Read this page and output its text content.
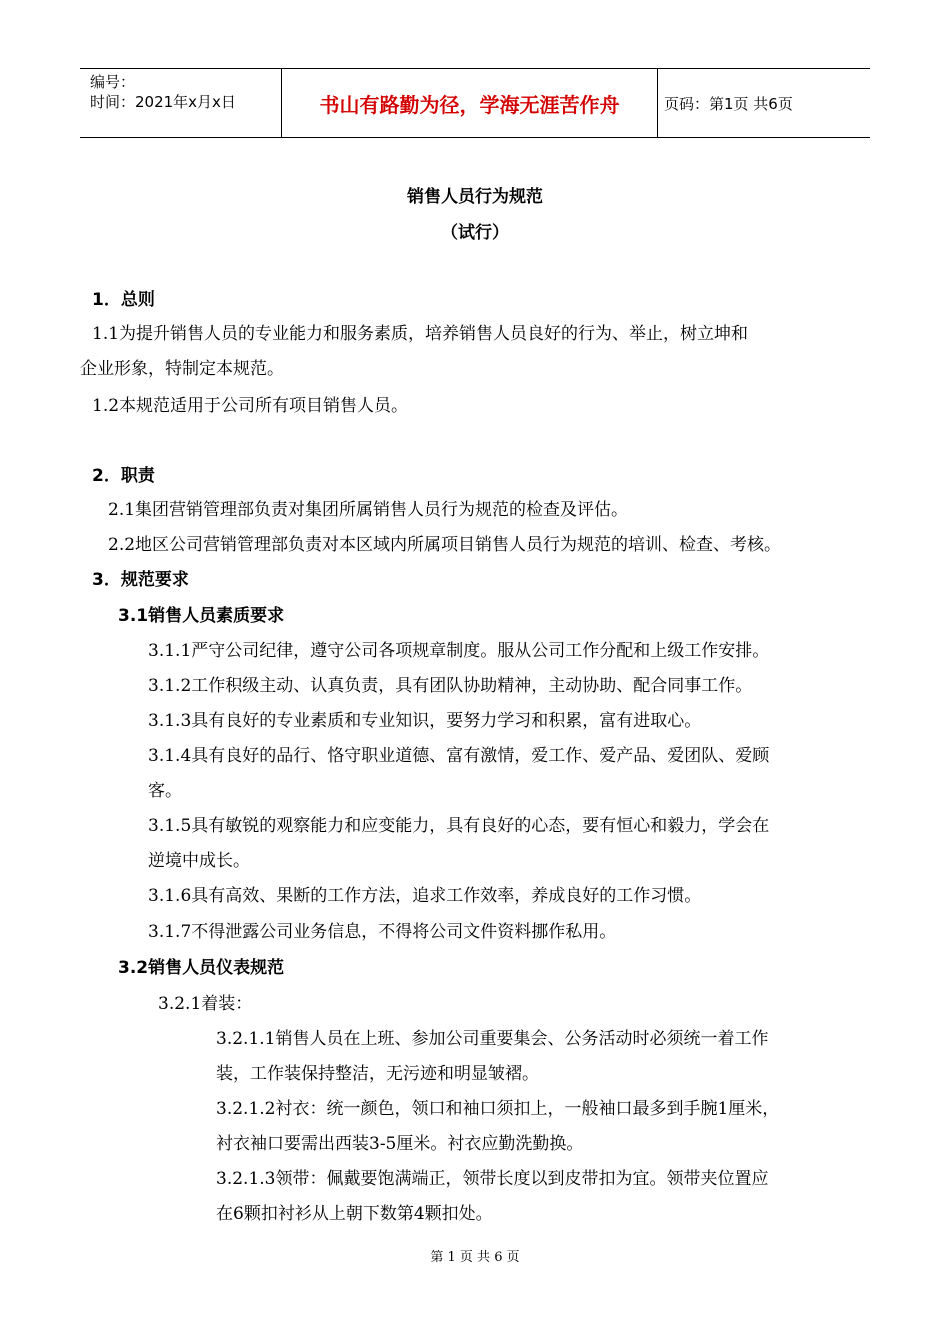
编号：
时间：2021年x月x日	书山有路勤为径，学海无涯苦作舟	页码：第1页 共6页
销售人员行为规范
（试行）
1．总则
1.1为提升销售人员的专业能力和服务素质，培养销售人员良好的行为、举止，树立坤和
企业形象，特制定本规范。
1.2本规范适用于公司所有项目销售人员。
2．职责
2.1集团营销管理部负责对集团所属销售人员行为规范的检查及评估。
2.2地区公司营销管理部负责对本区域内所属项目销售人员行为规范的培训、检查、考核。
3．规范要求
3.1销售人员素质要求
3.1.1严守公司纪律，遵守公司各项规章制度。服从公司工作分配和上级工作安排。
3.1.2工作积级主动、认真负责，具有团队协助精神，主动协助、配合同事工作。
3.1.3具有良好的专业素质和专业知识，要努力学习和积累，富有进取心。
3.1.4具有良好的品行、恪守职业道德、富有激情，爱工作、爱产品、爱团队、爱顾
客。
3.1.5具有敏锐的观察能力和应变能力，具有良好的心态，要有恒心和毅力，学会在
逆境中成长。
3.1.6具有高效、果断的工作方法，追求工作效率，养成良好的工作习惯。
3.1.7不得泄露公司业务信息，不得将公司文件资料挪作私用。
3.2销售人员仪表规范
3.2.1着装：
3.2.1.1销售人员在上班、参加公司重要集会、公务活动时必须统一着工作
装，工作装保持整洁，无污迹和明显皱褶。
3.2.1.2衬衣：统一颜色，领口和袖口须扣上，一般袖口最多到手腕1厘米，
衬衣袖口要需出西装3-5厘米。衬衣应勤洗勤换。
3.2.1.3领带：佩戴要饱满端正，领带长度以到皮带扣为宜。领带夹位置应
在6颗扣衬衫从上朝下数第4颗扣处。
第 1 页 共 6 页
